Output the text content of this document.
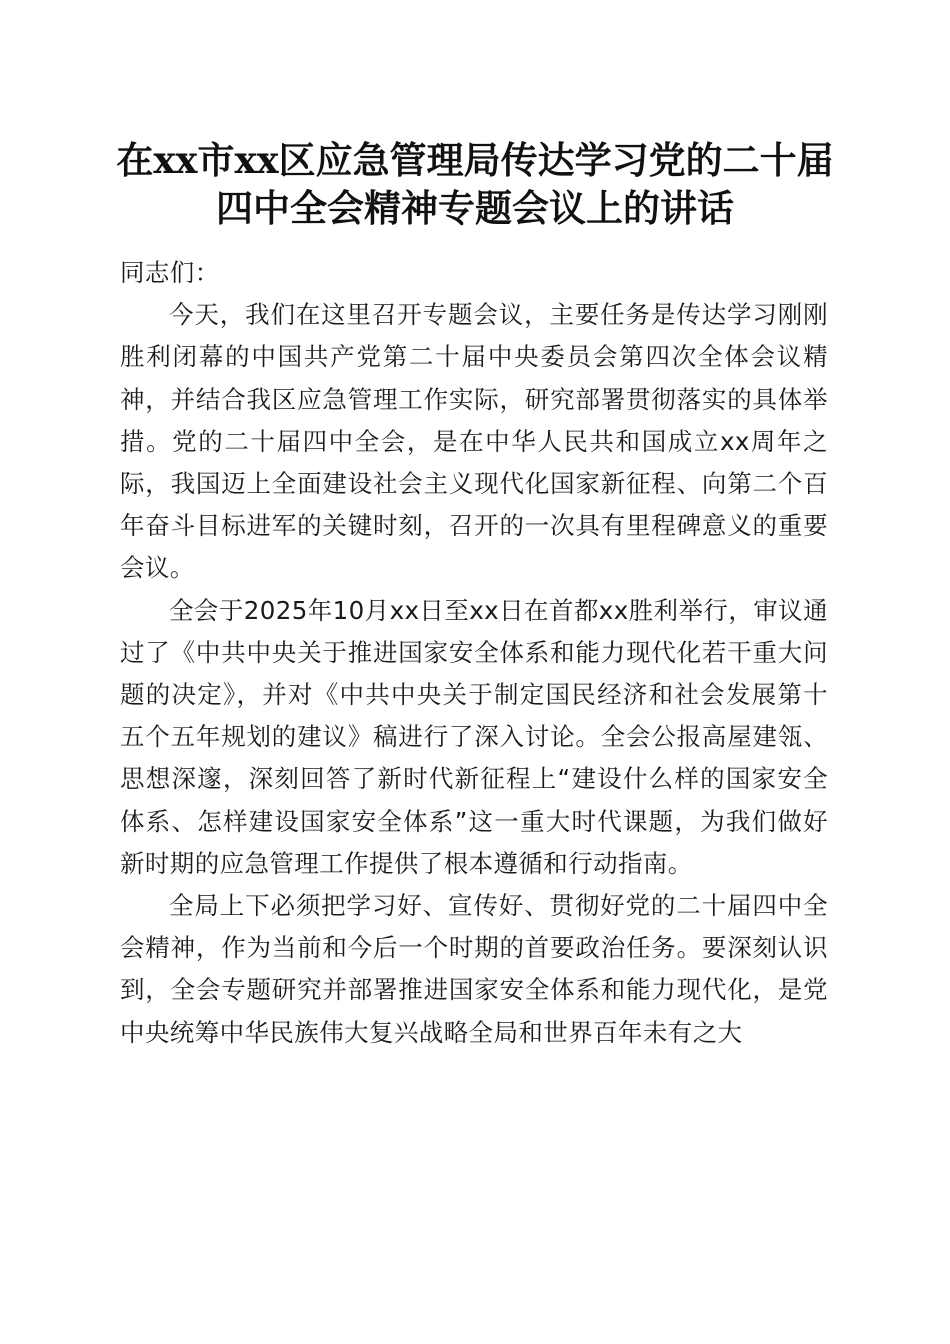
在xx市xx区应急管理局传达学习党的二十届
四中全会精神专题会议上的讲话

同志们：

今天，我们在这里召开专题会议，主要任务是传达学习刚刚胜利闭幕的中国共产党第二十届中央委员会第四次全体会议精神，并结合我区应急管理工作实际，研究部署贯彻落实的具体举措。党的二十届四中全会，是在中华人民共和国成立xx周年之际，我国迈上全面建设社会主义现代化国家新征程、向第二个百年奋斗目标进军的关键时刻，召开的一次具有里程碑意义的重要会议。

全会于2025年10月xx日至xx日在首都xx胜利举行，审议通过了《中共中央关于推进国家安全体系和能力现代化若干重大问题的决定》，并对《中共中央关于制定国民经济和社会发展第十五个五年规划的建议》稿进行了深入讨论。全会公报高屋建瓴、思想深邃，深刻回答了新时代新征程上“建设什么样的国家安全体系、怎样建设国家安全体系”这一重大时代课题，为我们做好新时期的应急管理工作提供了根本遵循和行动指南。

全局上下必须把学习好、宣传好、贯彻好党的二十届四中全会精神，作为当前和今后一个时期的首要政治任务。要深刻认识到，全会专题研究并部署推进国家安全体系和能力现代化，是党中央统筹中华民族伟大复兴战略全局和世界百年未有之大
